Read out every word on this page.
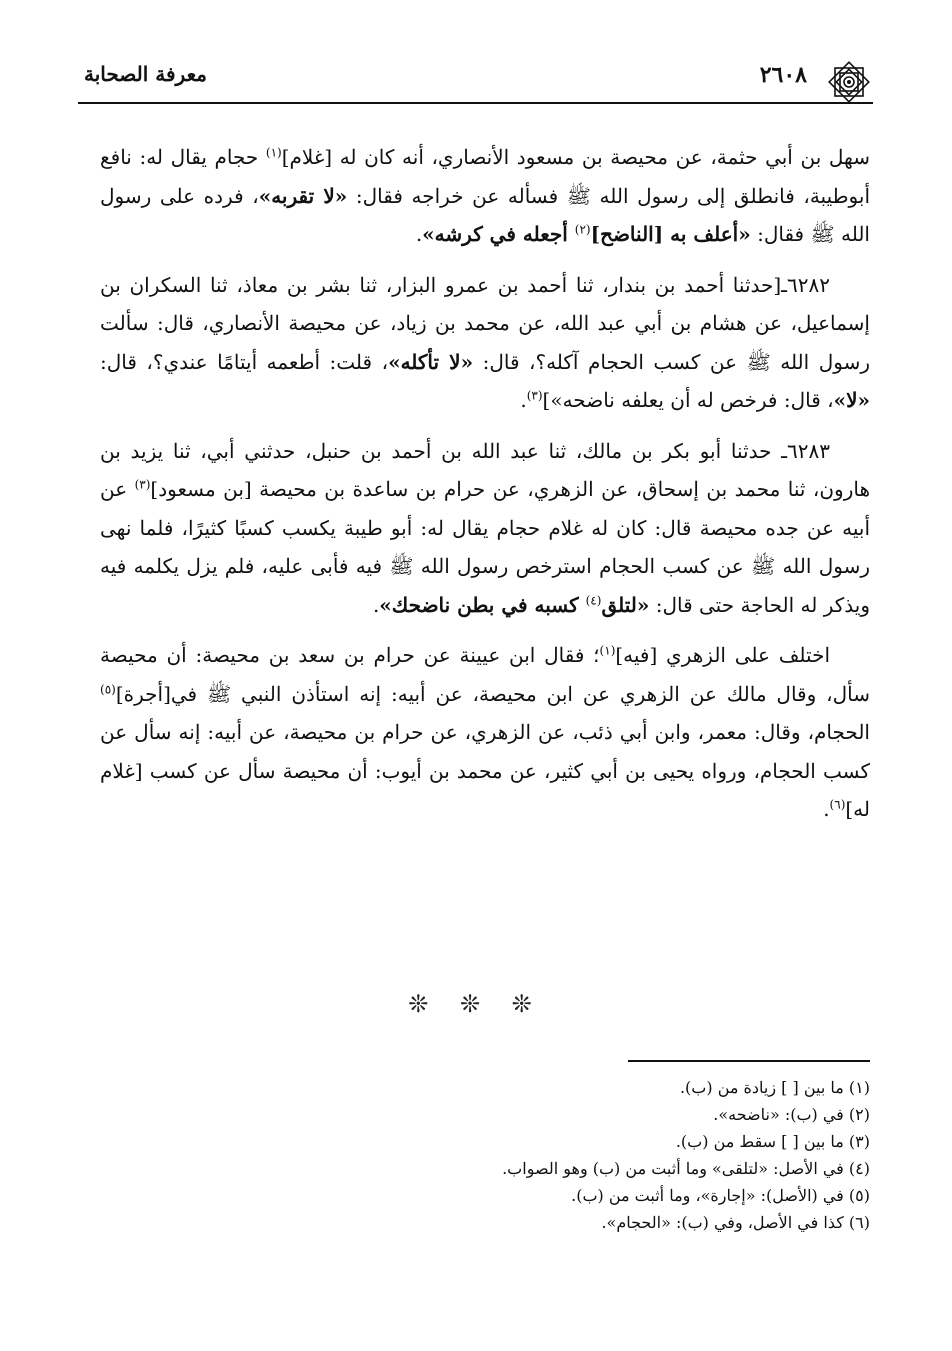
٢٦٠٨
معرفة الصحابة

سهل بن أبي حثمة، عن محيصة بن مسعود الأنصاري، أنه كان له [غلام]$^{(١)}$ حجام يقال له: نافع أبوطيبة، فانطلق إلى رسول الله ﷺ فسأله عن خراجه فقال: «لا تقربه»، فرده على رسول الله ﷺ فقال: «أعلف به [الناضح]$^{(٢)}$ أجعله في كرشه».

٦٢٨٢ـ[حدثنا أحمد بن بندار، ثنا أحمد بن عمرو البزار، ثنا بشر بن معاذ، ثنا السكران بن إسماعيل، عن هشام بن أبي عبد الله، عن محمد بن زياد، عن محيصة الأنصاري، قال: سألت رسول الله ﷺ عن كسب الحجام آكله؟، قال: «لا تأكله»، قلت: أطعمه أيتامًا عندي؟، قال: «لا»، قال: فرخص له أن يعلفه ناضحه»]$^{(٣)}$.

٦٢٨٣ـ حدثنا أبو بكر بن مالك، ثنا عبد الله بن أحمد بن حنبل، حدثني أبي، ثنا يزيد بن هارون، ثنا محمد بن إسحاق، عن الزهري، عن حرام بن ساعدة بن محيصة [بن مسعود]$^{(٣)}$ عن أبيه عن جده محيصة قال: كان له غلام حجام يقال له: أبو طيبة يكسب كسبًا كثيرًا، فلما نهى رسول الله ﷺ عن كسب الحجام استرخص رسول الله ﷺ فيه فأبى عليه، فلم يزل يكلمه فيه ويذكر له الحاجة حتى قال: «لتلق$^{(٤)}$ كسبه في بطن ناضحك».

اختلف على الزهري [فيه]$^{(١)}$؛ فقال ابن عيينة عن حرام بن سعد بن محيصة: أن محيصة سأل، وقال مالك عن الزهري عن ابن محيصة، عن أبيه: إنه استأذن النبي ﷺ في[أجرة]$^{(٥)}$ الحجام، وقال: معمر، وابن أبي ذئب، عن الزهري، عن حرام بن محيصة، عن أبيه: إنه سأل عن كسب الحجام، ورواه يحيى بن أبي كثير، عن محمد بن أيوب: أن محيصة سأل عن كسب [غلام له]$^{(٦)}$.

❊ ❊ ❊
(١) ما بين [ ] زيادة من (ب).
(٢) في (ب): «ناضحه».
(٣) ما بين [ ] سقط من (ب).
(٤) في الأصل: «لتلقى» وما أثبت من (ب) وهو الصواب.
(٥) في (الأصل): «إجارة»، وما أثبت من (ب).
(٦) كذا في الأصل، وفي (ب): «الحجام».
